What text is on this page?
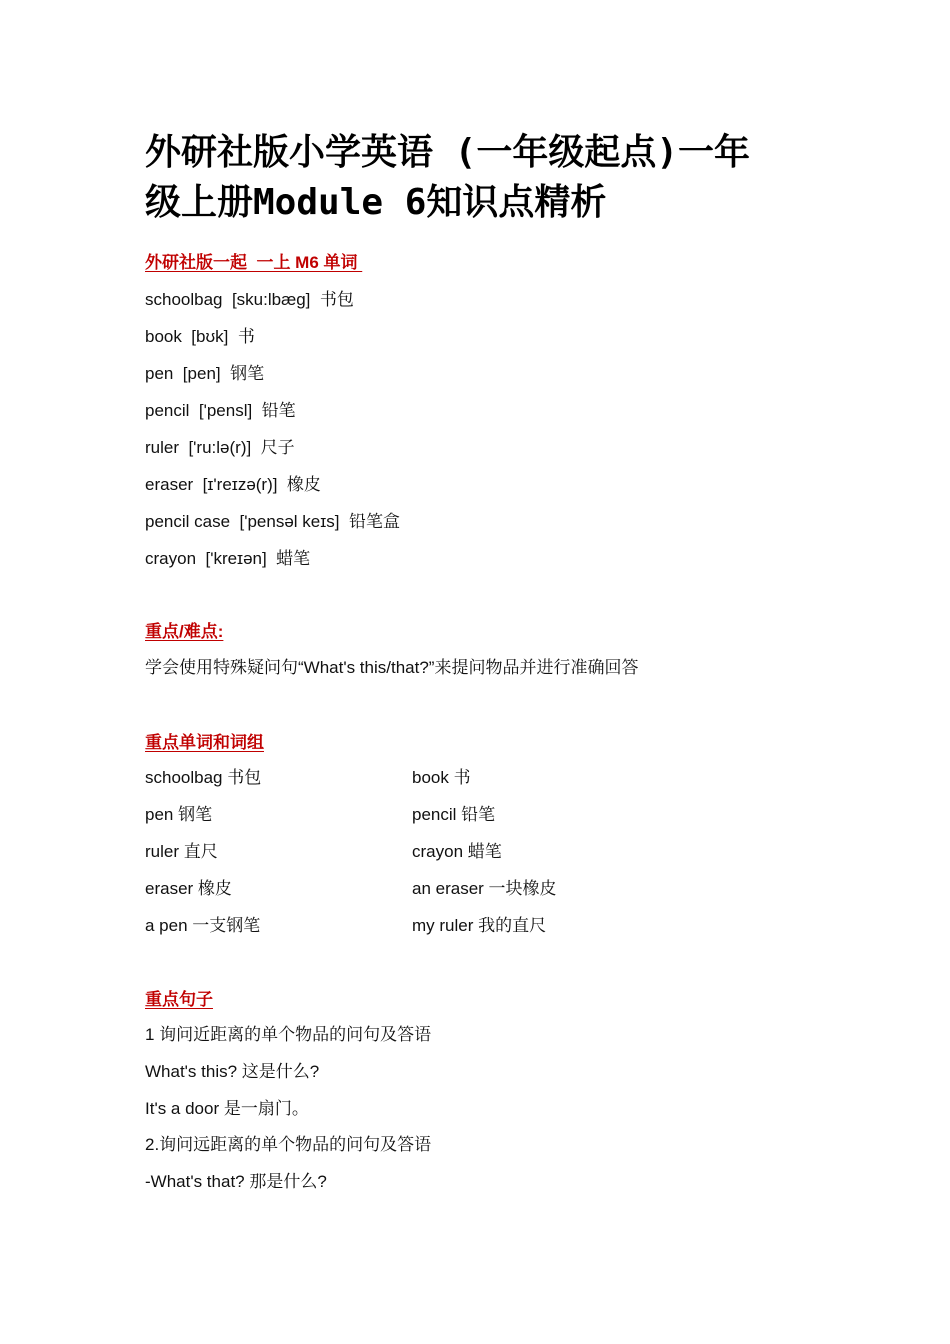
外研社版小学英语 (一年级起点)一年
级上册Module 6知识点精析

外研社版一起  一上 M6 单词

schoolbag  [sku:lbæg]  书包

book  [bʊk]  书

pen  [pen]  钢笔

pencil  ['pensl]  铅笔

ruler  ['ru:lə(r)]  尺子

eraser  [ɪ'reɪzə(r)]  橡皮

pencil case  ['pensəl keɪs]  铅笔盒

crayon  ['kreɪən]  蜡笔

重点/难点:

学会使用特殊疑问句“What's this/that?”来提问物品并进行准确回答

重点单词和词组

schoolbag 书包	book 书

pen 钢笔	pencil 铅笔

ruler 直尺	crayon 蜡笔

eraser 橡皮	an eraser 一块橡皮

a pen 一支钢笔	my ruler 我的直尺

重点句子

1 询问近距离的单个物品的问句及答语

What's this? 这是什么?

It's a door 是一扇门。

2.询问远距离的单个物品的问句及答语

-What's that? 那是什么?
